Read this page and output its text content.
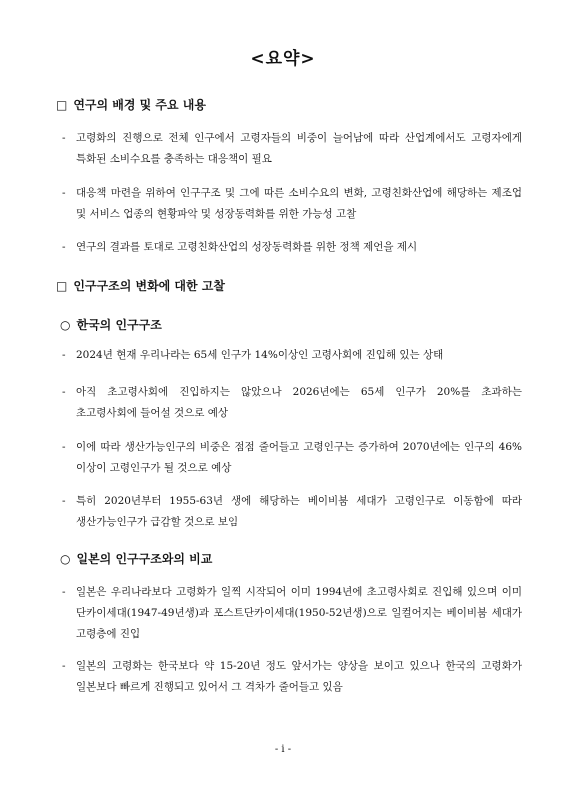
<요약>
□ 연구의 배경 및 주요 내용
- 고령화의 진행으로 전체 인구에서 고령자들의 비중이 늘어남에 따라 산업계에서도 고령자에게 특화된 소비수요를 충족하는 대응책이 필요
- 대응책 마련을 위하여 인구구조 및 그에 따른 소비수요의 변화, 고령친화산업에 해당하는 제조업 및 서비스 업종의 현황파악 및 성장동력화를 위한 가능성 고찰
- 연구의 결과를 토대로 고령친화산업의 성장동력화를 위한 정책 제언을 제시
□ 인구구조의 변화에 대한 고찰
○ 한국의 인구구조
- 2024년 현재 우리나라는 65세 인구가 14%이상인 고령사회에 진입해 있는 상태
- 아직 초고령사회에 진입하지는 않았으나 2026년에는 65세 인구가 20%를 초과하는 초고령사회에 들어설 것으로 예상
- 이에 따라 생산가능인구의 비중은 점점 줄어들고 고령인구는 증가하여 2070년에는 인구의 46% 이상이 고령인구가 될 것으로 예상
- 특히 2020년부터 1955-63년 생에 해당하는 베이비붐 세대가 고령인구로 이동함에 따라 생산가능인구가 급감할 것으로 보임
○ 일본의 인구구조와의 비교
- 일본은 우리나라보다 고령화가 일찍 시작되어 이미 1994년에 초고령사회로 진입해 있으며 이미 단카이세대(1947-49년생)과 포스트단카이세대(1950-52년생)으로 일컬어지는 베이비붐 세대가 고령층에 진입
- 일본의 고령화는 한국보다 약 15-20년 정도 앞서가는 양상을 보이고 있으나 한국의 고령화가 일본보다 빠르게 진행되고 있어서 그 격차가 줄어들고 있음
- i -
